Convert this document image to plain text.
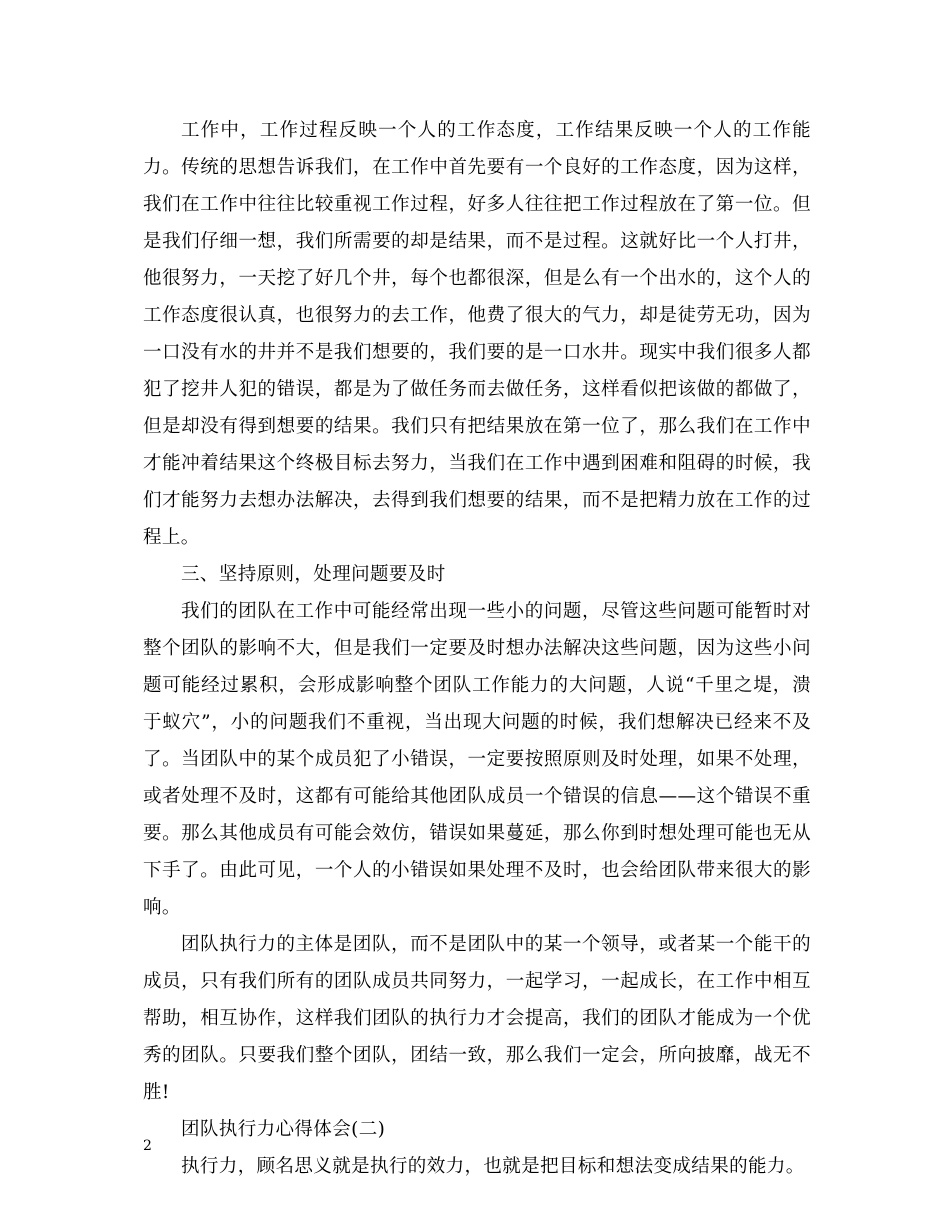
工作中，工作过程反映一个人的工作态度，工作结果反映一个人的工作能力。传统的思想告诉我们，在工作中首先要有一个良好的工作态度，因为这样，我们在工作中往往比较重视工作过程，好多人往往把工作过程放在了第一位。但是我们仔细一想，我们所需要的却是结果，而不是过程。这就好比一个人打井，他很努力，一天挖了好几个井，每个也都很深，但是么有一个出水的，这个人的工作态度很认真，也很努力的去工作，他费了很大的气力，却是徒劳无功，因为一口没有水的井并不是我们想要的，我们要的是一口水井。现实中我们很多人都犯了挖井人犯的错误，都是为了做任务而去做任务，这样看似把该做的都做了，但是却没有得到想要的结果。我们只有把结果放在第一位了，那么我们在工作中才能冲着结果这个终极目标去努力，当我们在工作中遇到困难和阻碍的时候，我们才能努力去想办法解决，去得到我们想要的结果，而不是把精力放在工作的过程上。

三、坚持原则，处理问题要及时

我们的团队在工作中可能经常出现一些小的问题，尽管这些问题可能暂时对整个团队的影响不大，但是我们一定要及时想办法解决这些问题，因为这些小问题可能经过累积，会形成影响整个团队工作能力的大问题，人说“千里之堤，溃于蚁穴”，小的问题我们不重视，当出现大问题的时候，我们想解决已经来不及了。当团队中的某个成员犯了小错误，一定要按照原则及时处理，如果不处理，或者处理不及时，这都有可能给其他团队成员一个错误的信息——这个错误不重要。那么其他成员有可能会效仿，错误如果蔓延，那么你到时想处理可能也无从下手了。由此可见，一个人的小错误如果处理不及时，也会给团队带来很大的影响。

团队执行力的主体是团队，而不是团队中的某一个领导，或者某一个能干的成员，只有我们所有的团队成员共同努力，一起学习，一起成长，在工作中相互帮助，相互协作，这样我们团队的执行力才会提高，我们的团队才能成为一个优秀的团队。只要我们整个团队，团结一致，那么我们一定会，所向披靡，战无不胜!

团队执行力心得体会(二)

执行力，顾名思义就是执行的效力，也就是把目标和想法变成结果的能力。

2
